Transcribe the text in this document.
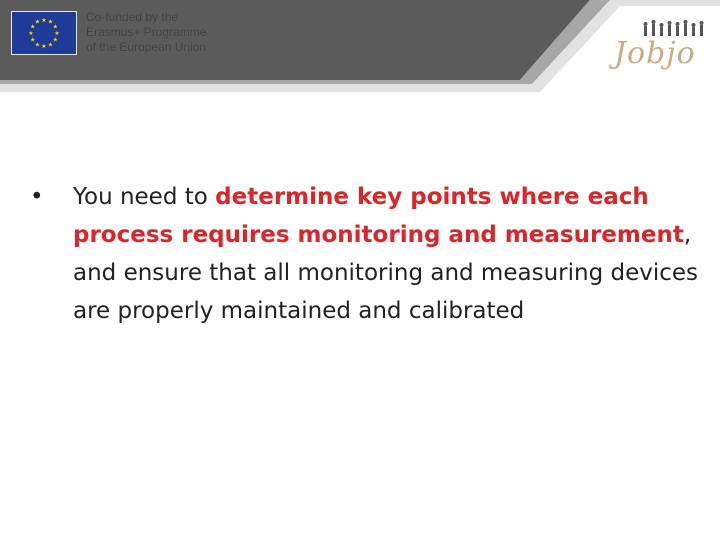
★ ★
★
★
★
★
★
★
★
★
★
★	Co-funded by the
Erasmus+ Programme
of the European Union	Jobjo
•	You need to determine key points where each process requires monitoring and measurement, and ensure that all monitoring and measuring devices are properly maintained and calibrated
